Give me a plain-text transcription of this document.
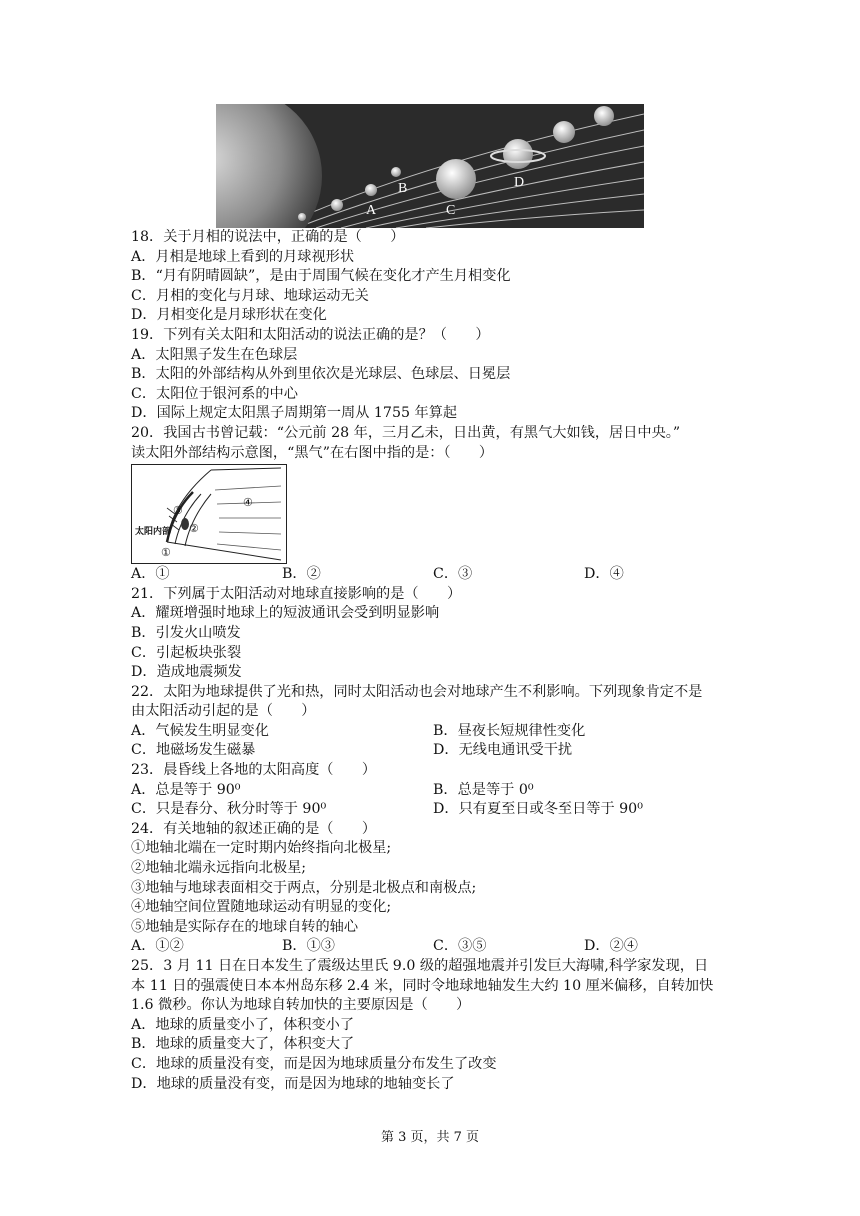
A
B
C
D
18．关于月相的说法中，正确的是（　　）
A．月相是地球上看到的月球视形状
B．“月有阴晴圆缺”，是由于周围气候在变化才产生月相变化
C．月相的变化与月球、地球运动无关
D．月相变化是月球形状在变化
19．下列有关太阳和太阳活动的说法正确的是？（　　）
A．太阳黑子发生在色球层
B．太阳的外部结构从外到里依次是光球层、色球层、日冕层
C．太阳位于银河系的中心
D．国际上规定太阳黑子周期第一周从 1755 年算起
20．我国古书曾记载：“公元前 28 年，三月乙未，日出黄，有黑气大如钱，居日中央。”
读太阳外部结构示意图，“黑气”在右图中指的是：（　　）
太阳内部
①
②
③
④
A．①	B．②	C．③	D．④
21．下列属于太阳活动对地球直接影响的是（　　）
A．耀斑增强时地球上的短波通讯会受到明显影响
B．引发火山喷发
C．引起板块张裂
D．造成地震频发
22．太阳为地球提供了光和热，同时太阳活动也会对地球产生不利影响。下列现象肯定不是
由太阳活动引起的是（　　）
A．气候发生明显变化	B．昼夜长短规律性变化
C．地磁场发生磁暴	D．无线电通讯受干扰
23．晨昏线上各地的太阳高度（　　）
A．总是等于 90⁰	B．总是等于 0⁰
C．只是春分、秋分时等于 90⁰	D．只有夏至日或冬至日等于 90⁰
24．有关地轴的叙述正确的是（　　）
①地轴北端在一定时期内始终指向北极星;
②地轴北端永远指向北极星;
③地轴与地球表面相交于两点，分别是北极点和南极点;
④地轴空间位置随地球运动有明显的变化;
⑤地轴是实际存在的地球自转的轴心
A．①②	B．①③	C．③⑤	D．②④
25．3 月 11 日在日本发生了震级达里氏 9.0 级的超强地震并引发巨大海啸,科学家发现，日
本 11 日的强震使日本本州岛东移 2.4 米，同时令地球地轴发生大约 10 厘米偏移，自转加快
1.6 微秒。你认为地球自转加快的主要原因是（　　）
A．地球的质量变小了，体积变小了
B．地球的质量变大了，体积变大了
C．地球的质量没有变，而是因为地球质量分布发生了改变
D．地球的质量没有变，而是因为地球的地轴变长了
第 3 页，共 7 页
